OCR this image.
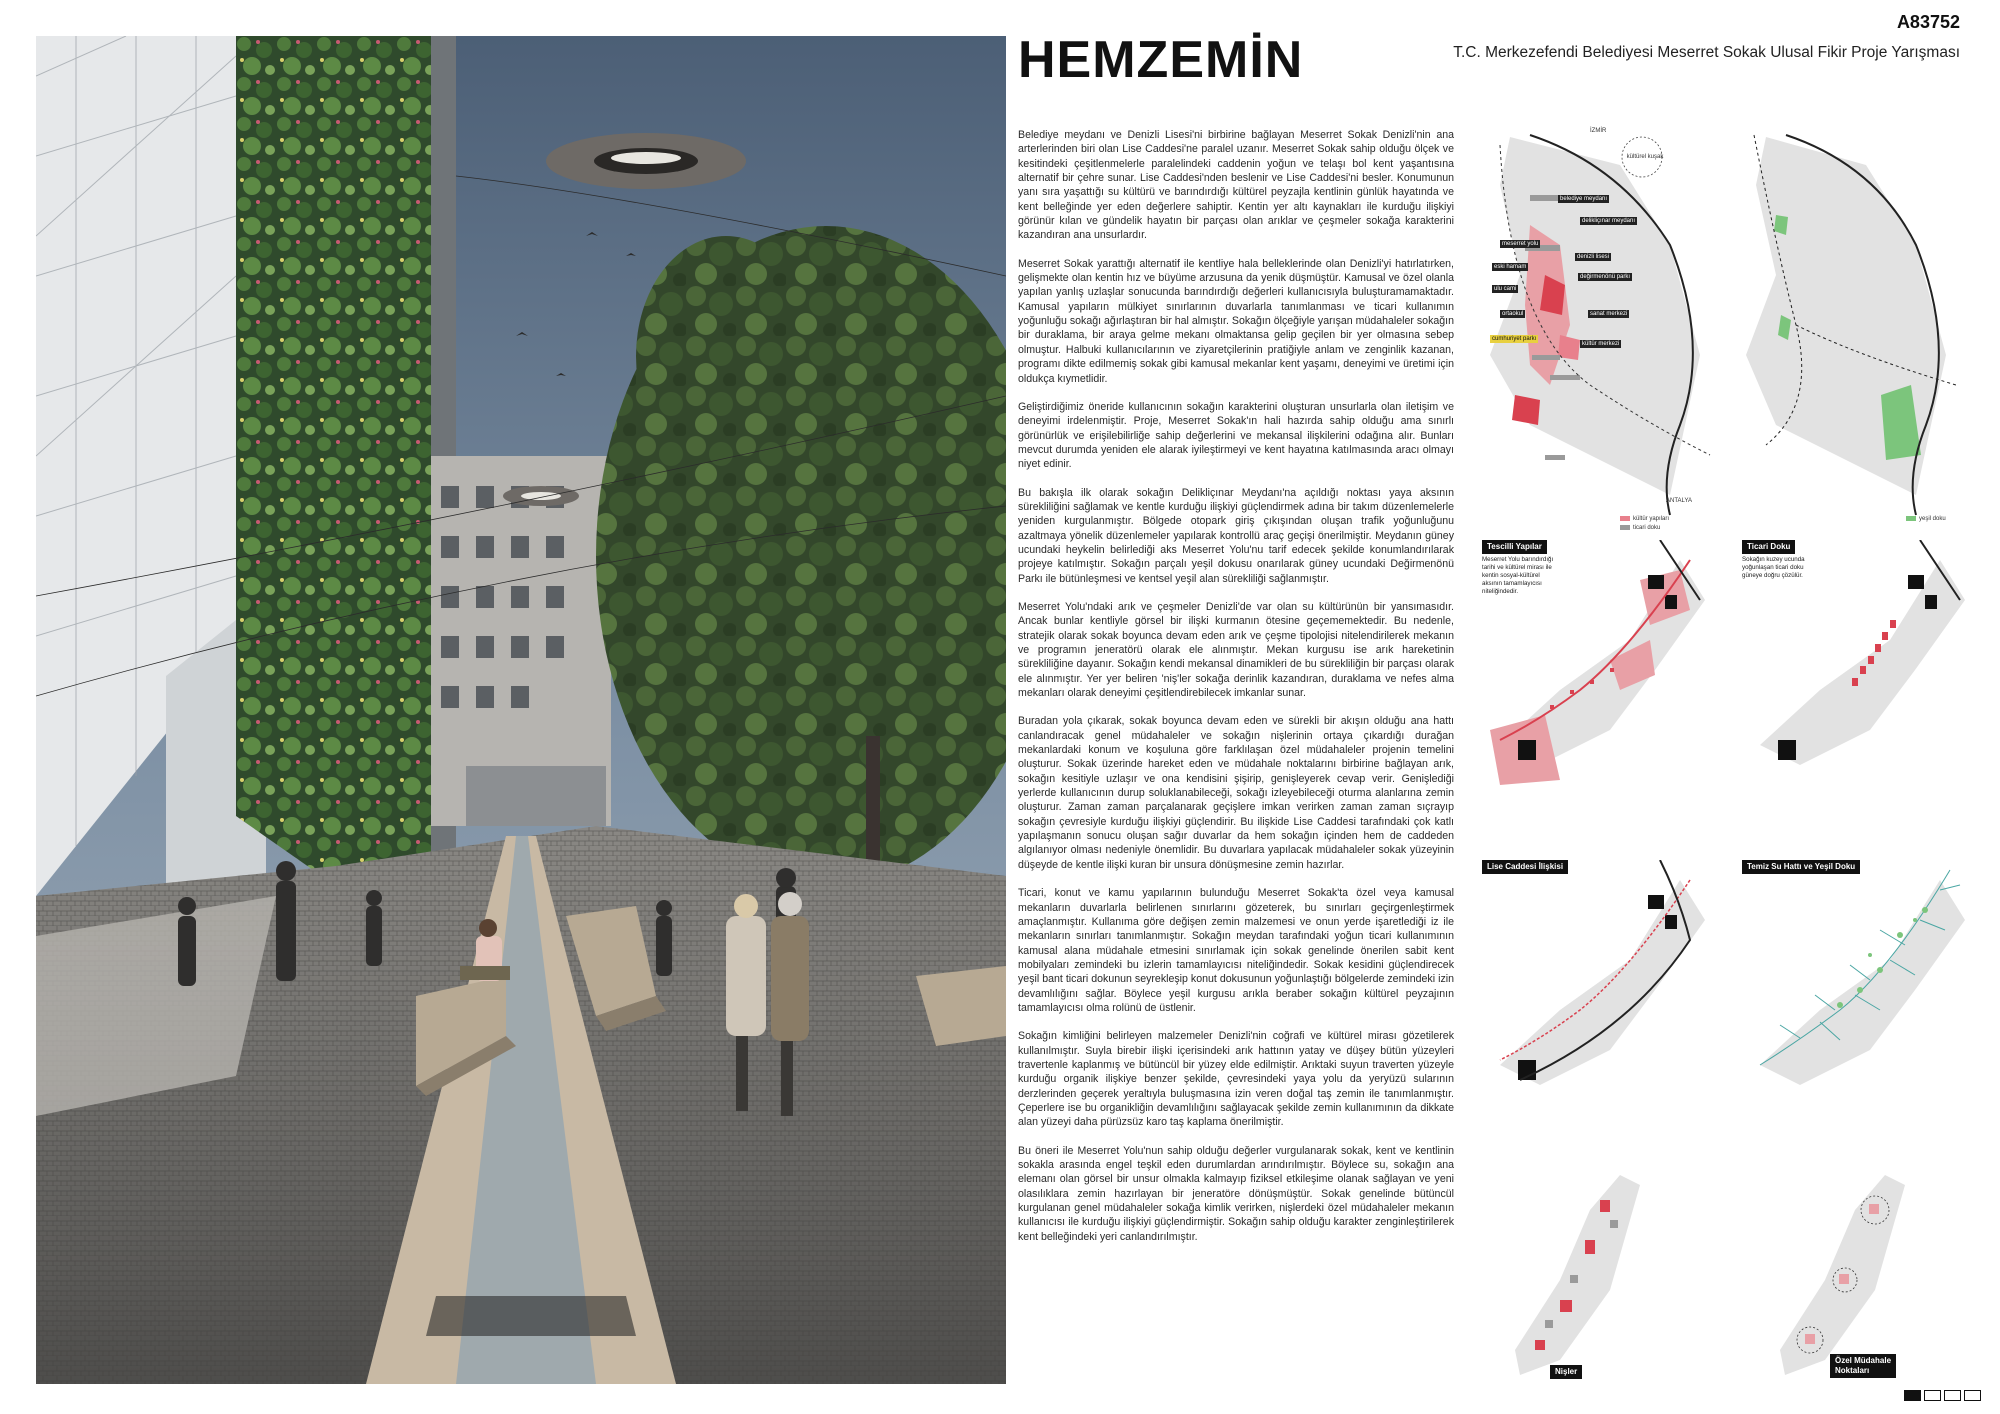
HEMZEMİN
A83752
T.C. Merkezefendi Belediyesi Meserret Sokak Ulusal Fikir Proje Yarışması

Belediye meydanı ve Denizli Lisesi'ni birbirine bağlayan Meserret Sokak Denizli'nin ana arterlerinden biri olan Lise Caddesi'ne paralel uzanır. Meserret Sokak sahip olduğu ölçek ve kesitindeki çeşitlenmelerle paralelindeki caddenin yoğun ve telaşı bol kent yaşantısına alternatif bir çehre sunar. Lise Caddesi'nden beslenir ve Lise Caddesi'ni besler. Konumunun yanı sıra yaşattığı su kültürü ve barındırdığı kültürel peyzajla kentlinin günlük hayatında ve kent belleğinde yer eden değerlere sahiptir. Kentin yer altı kaynakları ile kurduğu ilişkiyi görünür kılan ve gündelik hayatın bir parçası olan arıklar ve çeşmeler sokağa karakterini kazandıran ana unsurlardır.

Meserret Sokak yarattığı alternatif ile kentliye hala belleklerinde olan Denizli'yi hatırlatırken, gelişmekte olan kentin hız ve büyüme arzusuna da yenik düşmüştür. Kamusal ve özel olanla yapılan yanlış uzlaşlar sonucunda barındırdığı değerleri kullanıcısıyla buluşturamamaktadır. Kamusal yapıların mülkiyet sınırlarının duvarlarla tanımlanması ve ticari kullanımın yoğunluğu sokağı ağırlaştıran bir hal almıştır. Sokağın ölçeğiyle yarışan müdahaleler sokağın bir duraklama, bir araya gelme mekanı olmaktansa gelip geçilen bir yer olmasına sebep olmuştur. Halbuki kullanıcılarının ve ziyaretçilerinin pratiğiyle anlam ve zenginlik kazanan, programı dikte edilmemiş sokak gibi kamusal mekanlar kent yaşamı, deneyimi ve üretimi için oldukça kıymetlidir.

Geliştirdiğimiz öneride kullanıcının sokağın karakterini oluşturan unsurlarla olan iletişim ve deneyimi irdelenmiştir. Proje, Meserret Sokak'ın hali hazırda sahip olduğu ama sınırlı görünürlük ve erişilebilirliğe sahip değerlerini ve mekansal ilişkilerini odağına alır. Bunları mevcut durumda yeniden ele alarak iyileştirmeyi ve kent hayatına katılmasında aracı olmayı niyet edinir.

Bu bakışla ilk olarak sokağın Delikliçınar Meydanı'na açıldığı noktası yaya aksının sürekliliğini sağlamak ve kentle kurduğu ilişkiyi güçlendirmek adına bir takım düzenlemelerle yeniden kurgulanmıştır. Bölgede otopark giriş çıkışından oluşan trafik yoğunluğunu azaltmaya yönelik düzenlemeler yapılarak kontrollü araç geçişi önerilmiştir. Meydanın güney ucundaki heykelin belirlediği aks Meserret Yolu'nu tarif edecek şekilde konumlandırılarak projeye katılmıştır. Sokağın parçalı yeşil dokusu onarılarak güney ucundaki Değirmenönü Parkı ile bütünleşmesi ve kentsel yeşil alan sürekliliği sağlanmıştır.

Meserret Yolu'ndaki arık ve çeşmeler Denizli'de var olan su kültürünün bir yansımasıdır. Ancak bunlar kentliyle görsel bir ilişki kurmanın ötesine geçememektedir. Bu nedenle, stratejik olarak sokak boyunca devam eden arık ve çeşme tipolojisi nitelendirilerek mekanın ve programın jeneratörü olarak ele alınmıştır. Mekan kurgusu ise arık hareketinin sürekliliğine dayanır. Sokağın kendi mekansal dinamikleri de bu sürekliliğin bir parçası olarak ele alınmıştır. Yer yer beliren 'niş'ler sokağa derinlik kazandıran, duraklama ve nefes alma mekanları olarak deneyimi çeşitlendirebilecek imkanlar sunar.

Buradan yola çıkarak, sokak boyunca devam eden ve sürekli bir akışın olduğu ana hattı canlandıracak genel müdahaleler ve sokağın nişlerinin ortaya çıkardığı durağan mekanlardaki konum ve koşuluna göre farklılaşan özel müdahaleler projenin temelini oluşturur. Sokak üzerinde hareket eden ve müdahale noktalarını birbirine bağlayan arık, sokağın kesitiyle uzlaşır ve ona kendisini şişirip, genişleyerek cevap verir. Genişlediği yerlerde kullanıcının durup soluklanabileceği, sokağı izleyebileceği oturma alanlarına zemin oluşturur. Zaman zaman parçalanarak geçişlere imkan verirken zaman zaman sıçrayıp sokağın çevresiyle kurduğu ilişkiyi güçlendirir. Bu ilişkide Lise Caddesi tarafındaki çok katlı yapılaşmanın sonucu oluşan sağır duvarlar da hem sokağın içinden hem de caddeden algılanıyor olması nedeniyle önemlidir. Bu duvarlara yapılacak müdahaleler sokak yüzeyinin düşeyde de kentle ilişki kuran bir unsura dönüşmesine zemin hazırlar.

Ticari, konut ve kamu yapılarının bulunduğu Meserret Sokak'ta özel veya kamusal mekanların duvarlarla belirlenen sınırlarını gözeterek, bu sınırları geçirgenleştirmek amaçlanmıştır. Kullanıma göre değişen zemin malzemesi ve onun yerde işaretlediği iz ile mekanların sınırları tanımlanmıştır. Sokağın meydan tarafındaki yoğun ticari kullanımının kamusal alana müdahale etmesini sınırlamak için sokak genelinde önerilen sabit kent mobilyaları zemindeki bu izlerin tamamlayıcısı niteliğindedir. Sokak kesidini güçlendirecek yeşil bant ticari dokunun seyrekleşip konut dokusunun yoğunlaştığı bölgelerde zemindeki izin devamlılığını sağlar. Böylece yeşil kurgusu arıkla beraber sokağın kültürel peyzajının tamamlayıcısı olma rolünü de üstlenir.

Sokağın kimliğini belirleyen malzemeler Denizli'nin coğrafi ve kültürel mirası gözetilerek kullanılmıştır. Suyla birebir ilişki içerisindeki arık hattının yatay ve düşey bütün yüzeyleri travertenle kaplanmış ve bütüncül bir yüzey elde edilmiştir. Arıktaki suyun traverten yüzeyle kurduğu organik ilişkiye benzer şekilde, çevresindeki yaya yolu da yeryüzü sularının derzlerinden geçerek yeraltıyla buluşmasına izin veren doğal taş zemin ile tanımlanmıştır. Çeperlere ise bu organikliğin devamlılığını sağlayacak şekilde zemin kullanımının da dikkate alan yüzeyi daha pürüzsüz karo taş kaplama önerilmiştir.

Bu öneri ile Meserret Yolu'nun sahip olduğu değerler vurgulanarak sokak, kent ve kentlinin sokakla arasında engel teşkil eden durumlardan arındırılmıştır. Böylece su, sokağın ana elemanı olan görsel bir unsur olmakla kalmayıp fiziksel etkileşime olanak sağlayan ve yeni olasılıklara zemin hazırlayan bir jeneratöre dönüşmüştür. Sokak genelinde bütüncül kurgulanan genel müdahaleler sokağa kimlik verirken, nişlerdeki özel müdahaleler mekanın kullanıcısı ile kurduğu ilişkiyi güçlendirmiştir. Sokağın sahip olduğu karakter zenginleştirilerek kent belleğindeki yeri canlandırılmıştır.

İZMİR
kültürel kuşak
ANTALYA
kültür yapıları
ticari doku
belediye meydanı
delikliçınar meydanı
meserret yolu
denizli lisesi
değirmenönü parkı
eski hamam
ulu cami
ortaokul	sanat merkezi
cumhuriyet parkı
kültür merkezi
yeşil doku
Tescilli Yapılar
Meserret Yolu barındırdığı tarihi ve kültürel mirası ile kentin sosyal-kültürel aksının tamamlayıcısı niteliğindedir.
Ticari Doku
Sokağın kuzey ucunda yoğunlaşan ticari doku güneye doğru çözülür.
Lise Caddesi İlişkisi	Temiz Su Hattı ve Yeşil Doku
Nişler
Özel Müdahale
Noktaları
